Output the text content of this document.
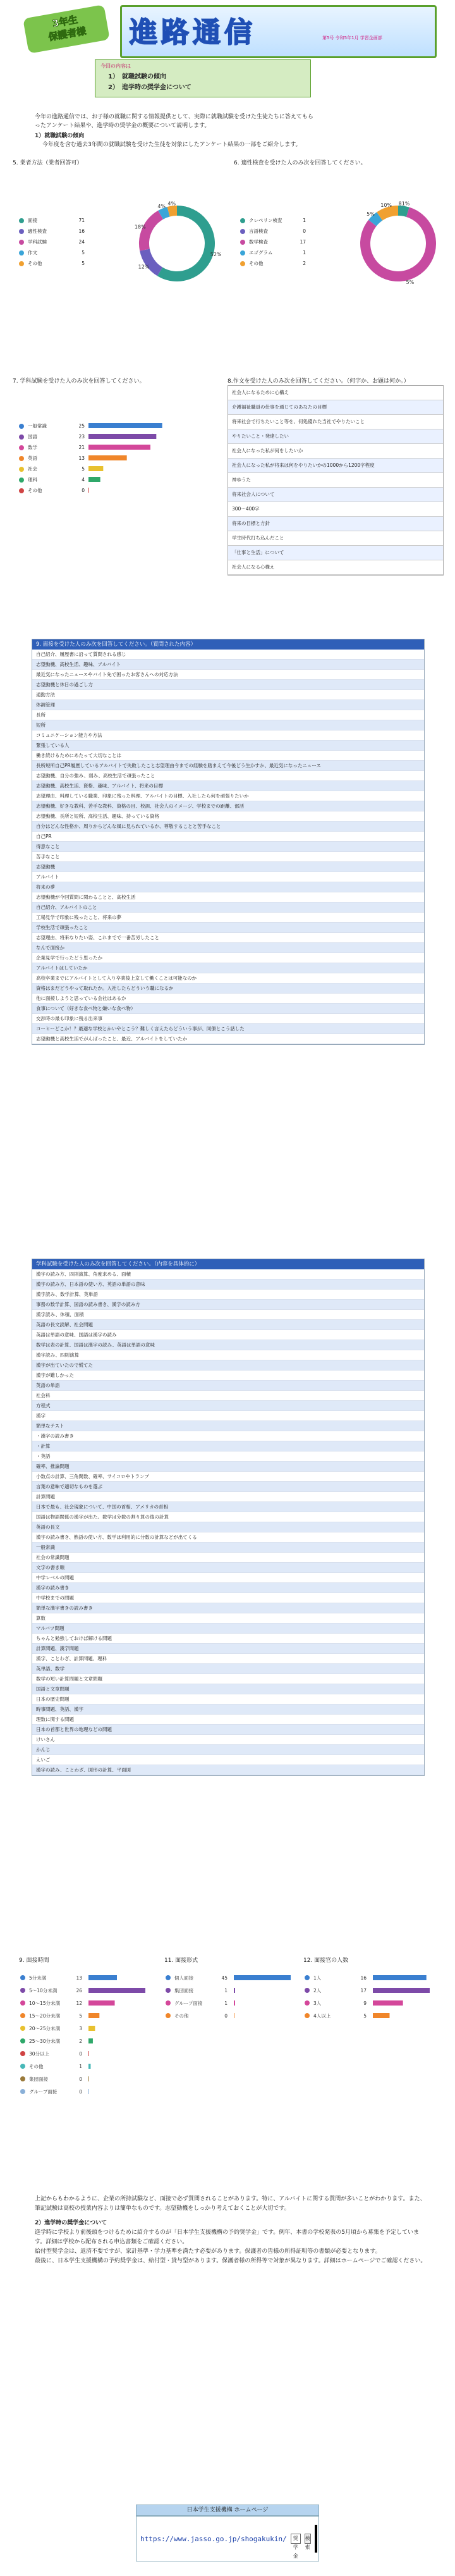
3年生
保護者様	進路通信	第5号 令和5年1月 学習企画部
今回の内容は
1）　就職試験の傾向
2）　進学時の奨学金について
今年の進路通信では、お子様の就職に関する情報提供として、実際に就職試験を受けた生徒たちに答えてもら
ったアンケート結果や、進学時の奨学金の概要について説明します。
1）就職試験の傾向
今年度を含む過去3年間の就職試験を受けた生徒を対象にしたアンケート結果の一部をご紹介します。
5. 業者方法（業者回答可）
面接	71
適性検査	16
学科試験	24
作文	5
その他	5
52%
12%
18%
4% 4%
6. 適性検査を受けた人のみ次を回答してください。
クレペリン検査	1
言語検査	0
数学検査	17
エゴグラム	1
その他	2
81%
5%
5%
10%
7. 学科試験を受けた人のみ次を回答してください。
一般常識	25
国語	23
数学	21
英語	13
社会	5
理科	4
その他	0
8.作文を受けた人のみ次を回答してください。（何字か、お題は何か。）
社会人になるために心構え
介護福祉職員の仕事を通じてのあなたの目標
将来社会で行ちたいこと等を、何処優れた当社でやりたいこと
やりたいこと・発達したい
社会人になった私が何をしたいか
社会人になった私が将来は何をやりたいかの1000から1200字程度
神ゆうた
将来社会人について
300〜400字
将来の目標と方針
学生時代打ち込んだこと
「仕事と生活」について
社会人になる心構え
9. 面接を受けた人のみ次を回答してください。（質問された内容）
自己紹介、履歴書に沿って質問される感じ
志望動機、高校生活、趣味、アルバイト
最近気になったニュースやバイト先で困ったお客さんへの対応方法
志望動機と休日の過ごし方
通勤方法
体調管理
長所
短所
コミュニケーション能力や方法
緊張している人
働き続けるためにあたって大切なことは
長所短所自己PR履歴しているアルバイトで失敗したこと志望理由今までの経験を踏まえて今後どう生かすか、最近気になったニュース
志望動機、自分の強み、弱み、高校生活で頑張ったこと
志望動機、高校生活、資格、趣味、アルバイト、将来の目標
志望理由、料理している職業、印象に残った料理、アルバイトの目標、入社したら何を頑張りたいか
志望動機、好きな教科、苦手な教科、資格の目、校訓、社会人のイメージ、学校までの距離、部活
志望動機、長所と短所、高校生活、趣味、持っている資格
自分はどんな性格か、周りからどんな風に見られているか、尊敬することと苦手なこと
自己PR
得意なこと
苦手なこと
志望動機
アルバイト
将来の夢
志望動機が今回質問に関わることと、高校生活
自己紹介、アルバイトのこと
工場見学で印象に残ったこと、将来の夢
学校生活で頑張ったこと
志望理由、将来なりたい姿、これまでで一番苦労したこと
なんで面接か
企業見学で行ったどう思ったか
アルバイトはしていたか
高校卒業までにアルバイトとして入り卒業後上京して働くことは可能なのか
資格はまだどうやって取れたか。入社したらどういう職になるか
他に面接しようと思っている会社はあるか
食事について（好きな食べ物と嫌いな食べ物）
交渉時の最も印象に残る出来事
コーヒーどこか！？最適な学校とかいやとこう？難しく言えたらどういう事が、同僚とこう話した
志望動機と高校生活でがんばったこと、最近、アルバイトをしていたか
学科試験を受けた人のみ次を回答してください。（内容を具体的に）
漢字の読み方、四則演算、角度求める、面積
漢字の読み方、日本語の使い方、英語の単語の意味
漢字読み、数学計算、英単語
事務の数学計算、国語の読み書き、漢字の読み方
漢字読み、体積、面積
英語の長文読解、社会問題
英語は単語の意味、国語は漢字の読み
数学は表の計算、国語は漢字の読み、英語は単語の意味
漢字読み、四則演算
漢字が出ていたので慌てた
漢字が難しかった
英語の単語
社会科
方程式
漢字
簡単なテスト
・漢字の読み書き
・計算
・英語
確率、推論問題
小数点の計算、三角関数、確率、サイコロやトランプ
言葉の意味で適切なものを選ぶ
計算問題
日本で最も、社会現象について、中国の首相、アメリカの首相
国語は物語関係の漢字が出た。数学は分数の割り算の後の計算
英語の長文
漢字の読み書き、熟語の使い方、数学は利用的に分数の計算などが出てくる
一般常識
社会の常識問題
文字の書き順
中学レベルの問題
漢字の読み書き
中学校までの問題
簡単な漢字書きの読み書き
算数
マルバツ問題
ちゃんと勉強しておけば解ける問題
計算問題、漢字問題
漢字、ことわざ、計算問題、理科
英単語、数学
数学の短い計算問題と文章問題
国語と文章問題
日本の歴史問題
時事問題、英語、漢字
理数に関する問題
日本の首都と世界の地理などの問題
けいさん
かんじ
えいご
漢字の読み、ことわざ、図形の計算、平面図
9. 面接時間
5分未満	13
5〜10分未満	26
10〜15分未満	12
15〜20分未満	5
20〜25分未満	3
25〜30分未満	2
30分以上	0
その他	1
集団面接	0
グループ面接	0
11. 面接形式
個人面接	45
集団面接	1
グループ面接	1
その他	0
12. 面接官の人数
1人	16
2人	17
3人	9
4人以上	5
上記からもわかるように、企業の所持試験など、面接で必ず質問されることがあります。特に、アルバイトに関する質問が多いことがわかります。また、筆記試験は高校の授業内容よりは簡単なものです。志望動機をしっかり考えておくことが大切です。
2）進学時の奨学金について
進学時に学校より前後頭をつけるために紹介するのが「日本学生支援機構の予約奨学金」です。例年、本書の学校発表の5月頃から募集を予定しています。詳細は学校から配布される申込書類をご確認ください。
給付型奨学金は、返済不要ですが、家計基準・学力基準を満たす必要があります。保護者の皆様の所得証明等の書類が必要となります。
最後に、日本学生支援機構の予約奨学金は、給付型・貸与型があります。保護者様の所得等で対象が異なります。詳細はホームページでご確認ください。
日本学生支援機構 ホームページ
https://www.jasso.go.jp/shogakukin/	奨学金
検索
